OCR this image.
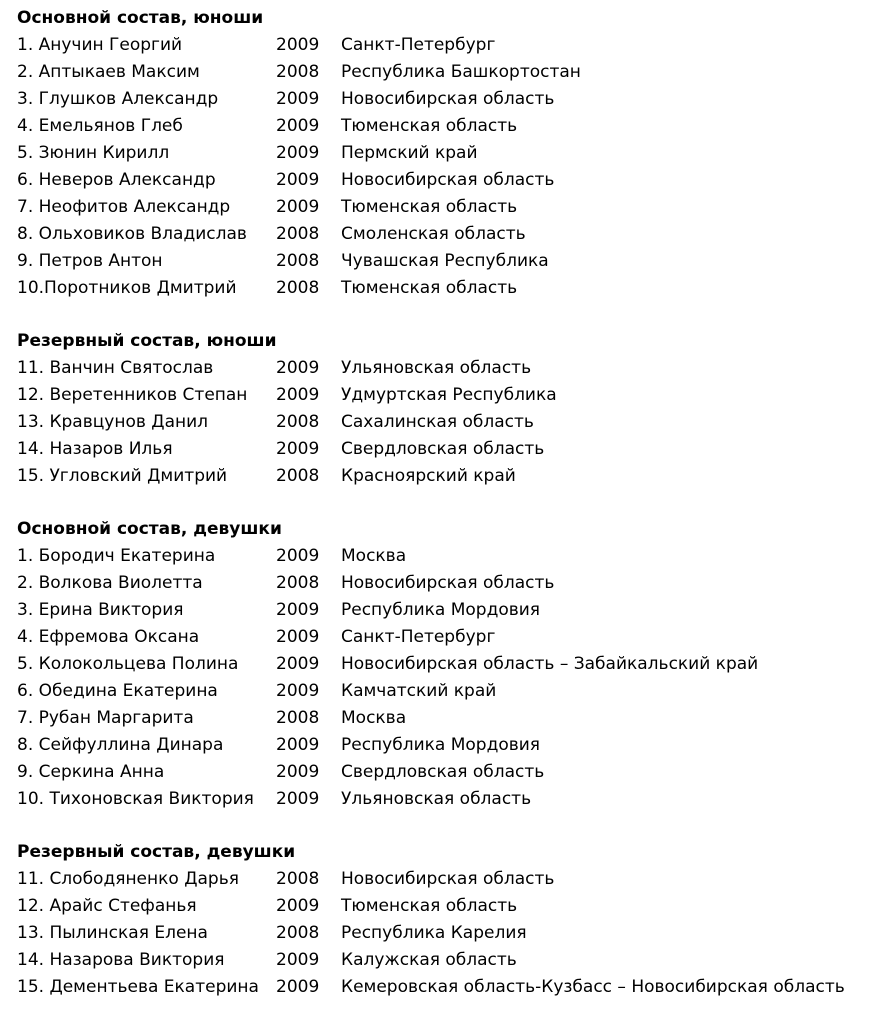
Основной состав, юноши
1. Анучин Георгий	2009 Санкт-Петербург
2. Аптыкаев Максим	2008 Республика Башкортостан
3. Глушков Александр	2009 Новосибирская область
4. Емельянов Глеб	2009 Тюменская область
5. Зюнин Кирилл	2009 Пермский край
6. Неверов Александр	2009 Новосибирская область
7. Неофитов Александр	2009 Тюменская область
8. Ольховиков Владислав 2008 Смоленская область
9. Петров Антон	2008 Чувашская Республика
10.Поротников Дмитрий 2008 Тюменская область
Резервный состав, юноши
11. Ванчин Святослав	2009 Ульяновская область
12. Веретенников Степан 2009 Удмуртская Республика
13. Кравцунов Данил	2008 Сахалинская область
14. Назаров Илья	2009 Свердловская область
15. Угловский Дмитрий	2008 Красноярский край
Основной состав, девушки
1. Бородич Екатерина	2009 Москва
2. Волкова Виолетта	2008 Новосибирская область
3. Ерина Виктория	2009 Республика Мордовия
4. Ефремова Оксана	2009 Санкт-Петербург
5. Колокольцева Полина 2009 Новосибирская область – Забайкальский край
6. Обедина Екатерина	2009 Камчатский край
7. Рубан Маргарита	2008 Москва
8. Сейфуллина Динара	2009 Республика Мордовия
9. Серкина Анна	2009 Свердловская область
10. Тихоновская Виктория 2009 Ульяновская область
Резервный состав, девушки
11. Слободяненко Дарья 2008 Новосибирская область
12. Арайс Стефанья	2009 Тюменская область
13. Пылинская Елена	2008 Республика Карелия
14. Назарова Виктория	2009 Калужская область
15. Дементьева Екатерина 2009 Кемеровская область-Кузбасс – Новосибирская область
